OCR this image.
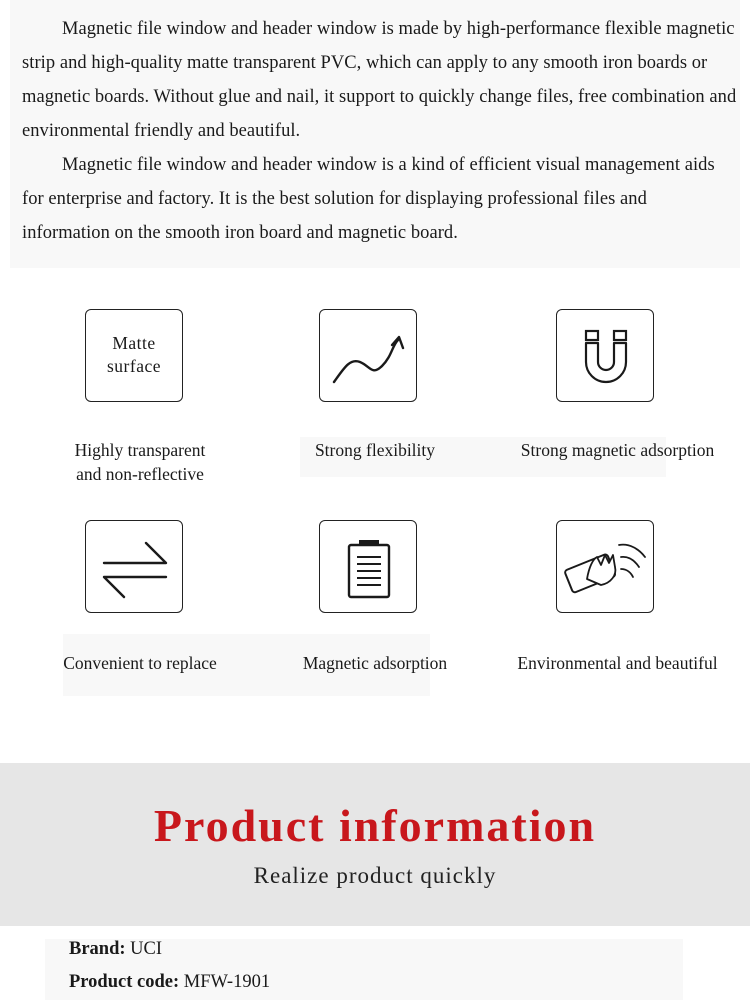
Magnetic file window and header window is made by high-performance flexible magnetic strip and high-quality matte transparent PVC, which can apply to any smooth iron boards or magnetic boards. Without glue and nail, it support to quickly change files, free combination and environmental friendly and beautiful.

Magnetic file window and header window is a kind of efficient visual management aids for enterprise and factory. It is the best solution for displaying professional files and information on the smooth iron board and magnetic board.

Matte
surface
Highly transparent
and non-reflective
Strong flexibility	Strong magnetic adsorption
Convenient to replace	Magnetic adsorption	Environmental and beautiful
Product information
Realize product quickly
Brand: UCI
Product code: MFW-1901
